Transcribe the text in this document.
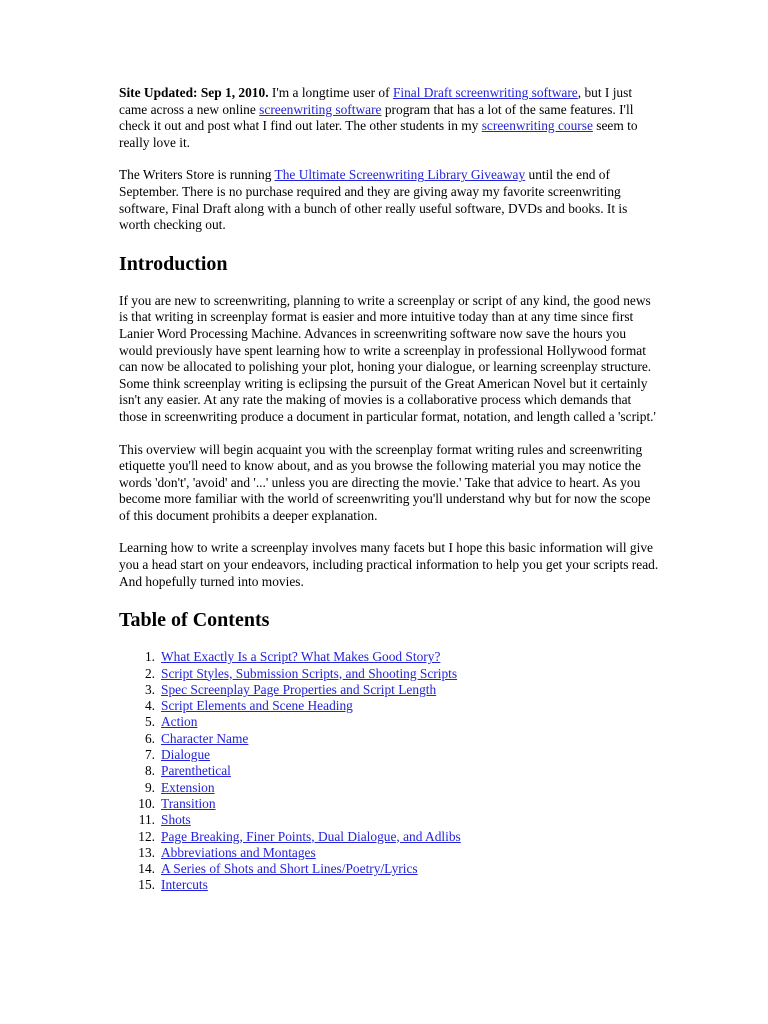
Site Updated: Sep 1, 2010. I'm a longtime user of Final Draft screenwriting software, but I just came across a new online screenwriting software program that has a lot of the same features. I'll check it out and post what I find out later. The other students in my screenwriting course seem to really love it.

The Writers Store is running The Ultimate Screenwriting Library Giveaway until the end of September. There is no purchase required and they are giving away my favorite screenwriting software, Final Draft along with a bunch of other really useful software, DVDs and books. It is worth checking out.

Introduction

If you are new to screenwriting, planning to write a screenplay or script of any kind, the good news is that writing in screenplay format is easier and more intuitive today than at any time since first Lanier Word Processing Machine. Advances in screenwriting software now save the hours you would previously have spent learning how to write a screenplay in professional Hollywood format can now be allocated to polishing your plot, honing your dialogue, or learning screenplay structure. Some think screenplay writing is eclipsing the pursuit of the Great American Novel but it certainly isn't any easier. At any rate the making of movies is a collaborative process which demands that those in screenwriting produce a document in particular format, notation, and length called a 'script.'

This overview will begin acquaint you with the screenplay format writing rules and screenwriting etiquette you'll need to know about, and as you browse the following material you may notice the words 'don't', 'avoid' and '...' unless you are directing the movie.' Take that advice to heart. As you become more familiar with the world of screenwriting you'll understand why but for now the scope of this document prohibits a deeper explanation.

Learning how to write a screenplay involves many facets but I hope this basic information will give you a head start on your endeavors, including practical information to help you get your scripts read. And hopefully turned into movies.

Table of Contents
1. What Exactly Is a Script? What Makes Good Story?
2. Script Styles, Submission Scripts, and Shooting Scripts
3. Spec Screenplay Page Properties and Script Length
4. Script Elements and Scene Heading
5. Action
6. Character Name
7. Dialogue
8. Parenthetical
9. Extension
10. Transition
11. Shots
12. Page Breaking, Finer Points, Dual Dialogue, and Adlibs
13. Abbreviations and Montages
14. A Series of Shots and Short Lines/Poetry/Lyrics
15. Intercuts
